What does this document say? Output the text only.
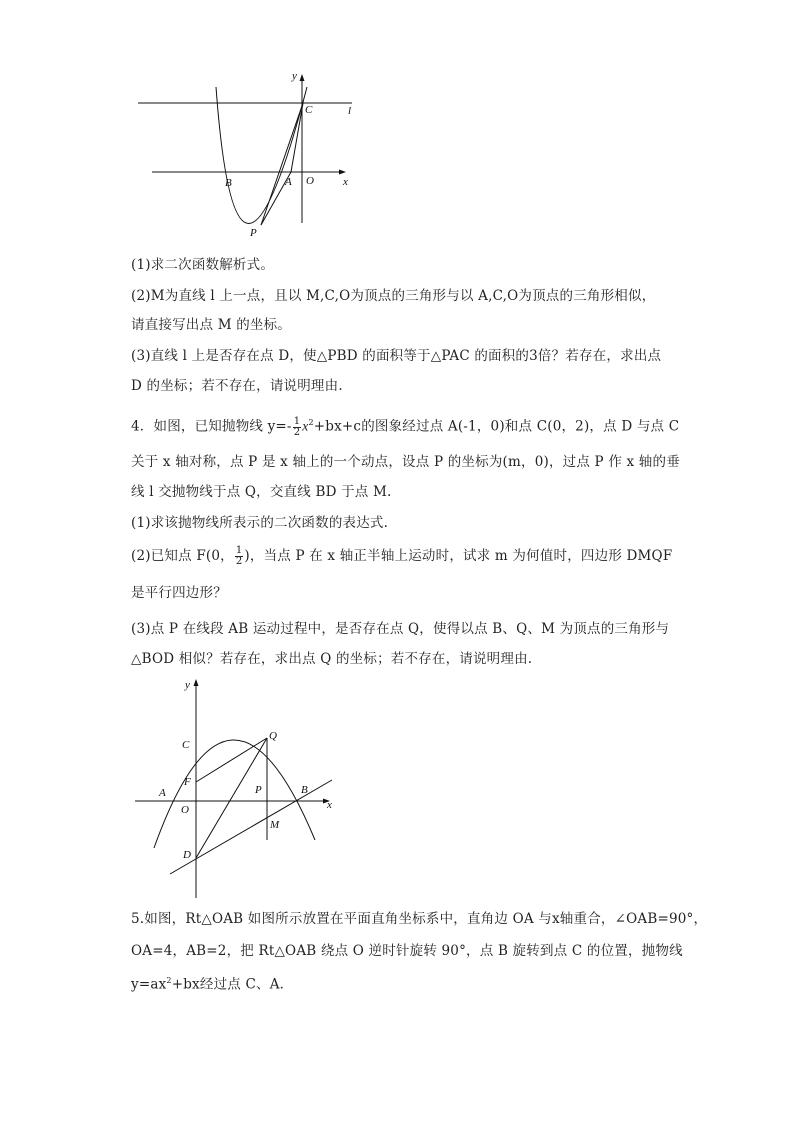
y
C	l
B	A O	x
P
(1)求二次函数解析式。
(2)M为直线 l 上一点，且以 M,C,O为顶点的三角形与以 A,C,O为顶点的三角形相似，
请直接写出点 M 的坐标。
(3)直线 l 上是否存在点 D，使△PBD 的面积等于△PAC 的面积的3倍？若存在，求出点
D 的坐标；若不存在，请说明理由.
4．如图，已知抛物线 $y=- \frac{1}{2} x^2+bx+c$的图象经过点 A(-1，0)和点 C(0，2)，点 D 与点 C
关于 x 轴对称，点 P 是 x 轴上的一个动点，设点 P 的坐标为(m，0)，过点 P 作 x 轴的垂
线 l 交抛物线于点 Q，交直线 BD 于点 M.
(1)求该抛物线所表示的二次函数的表达式.
(2)已知点 F(0， $\frac{1}{2}$ )，当点 P 在 x 轴正半轴上运动时，试求 m 为何值时，四边形 DMQF
是平行四边形？
(3)点 P 在线段 AB 运动过程中，是否存在点 Q，使得以点 B、Q、M 为顶点的三角形与
△BOD 相似？若存在，求出点 Q 的坐标；若不存在，请说明理由.
y
Q
C
F
A
O
P	B
x
M
D
5.如图，Rt△OAB 如图所示放置在平面直角坐标系中，直角边 OA 与x轴重合，∠OAB=90°，
OA=4，AB=2，把 Rt△OAB 绕点 O 逆时针旋转 90°，点 B 旋转到点 C 的位置，抛物线
$y=ax^2+bx$经过点 C、A．
